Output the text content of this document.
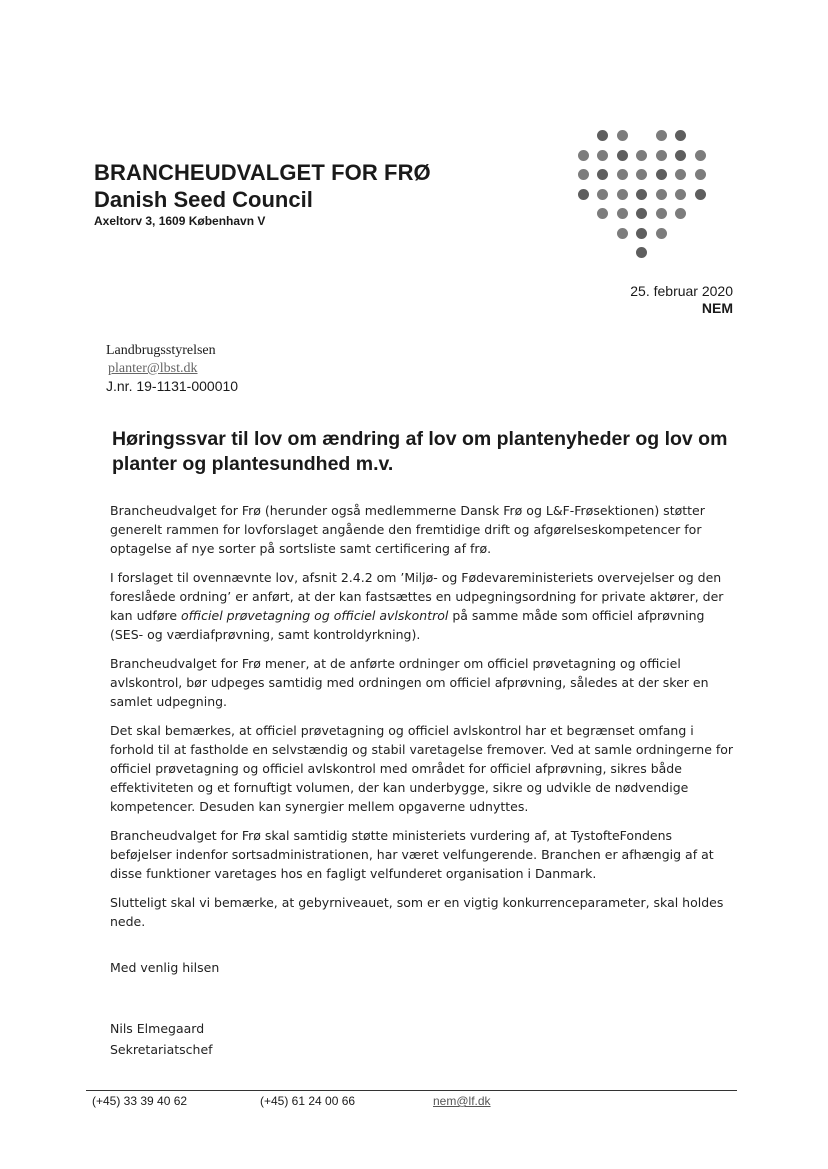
BRANCHEUDVALGET FOR FRØ
Danish Seed Council
Axeltorv 3, 1609 København V
25. februar 2020
NEM
Landbrugsstyrelsen
planter@lbst.dk
J.nr. 19-1131-000010
Høringssvar til lov om ændring af lov om plantenyheder og lov om planter og plantesundhed m.v.

Brancheudvalget for Frø (herunder også medlemmerne Dansk Frø og L&F-Frøsektionen) støtter generelt rammen for lovforslaget angående den fremtidige drift og afgørelseskompetencer for optagelse af nye sorter på sortsliste samt certificering af frø.

I forslaget til ovennævnte lov, afsnit 2.4.2 om ’Miljø- og Fødevareministeriets overvejelser og den foreslåede ordning’ er anført, at der kan fastsættes en udpegningsordning for private aktører, der kan udføre officiel prøvetagning og officiel avlskontrol på samme måde som officiel afprøvning (SES- og værdiafprøvning, samt kontroldyrkning).

Brancheudvalget for Frø mener, at de anførte ordninger om officiel prøvetagning og officiel avlskontrol, bør udpeges samtidig med ordningen om officiel afprøvning, således at der sker en samlet udpegning.

Det skal bemærkes, at officiel prøvetagning og officiel avlskontrol har et begrænset omfang i forhold til at fastholde en selvstændig og stabil varetagelse fremover. Ved at samle ordningerne for officiel prøvetagning og officiel avlskontrol med området for officiel afprøvning, sikres både effektiviteten og et fornuftigt volumen, der kan underbygge, sikre og udvikle de nødvendige kompetencer. Desuden kan synergier mellem opgaverne udnyttes.

Brancheudvalget for Frø skal samtidig støtte ministeriets vurdering af, at TystofteFondens beføjelser indenfor sortsadministrationen, har været velfungerende. Branchen er afhængig af at disse funktioner varetages hos en fagligt velfunderet organisation i Danmark.

Slutteligt skal vi bemærke, at gebyrniveauet, som er en vigtig konkurrenceparameter, skal holdes nede.

Med venlig hilsen
Nils Elmegaard
Sekretariatschef
(+45) 33 39 40 62	(+45) 61 24 00 66	nem@lf.dk
